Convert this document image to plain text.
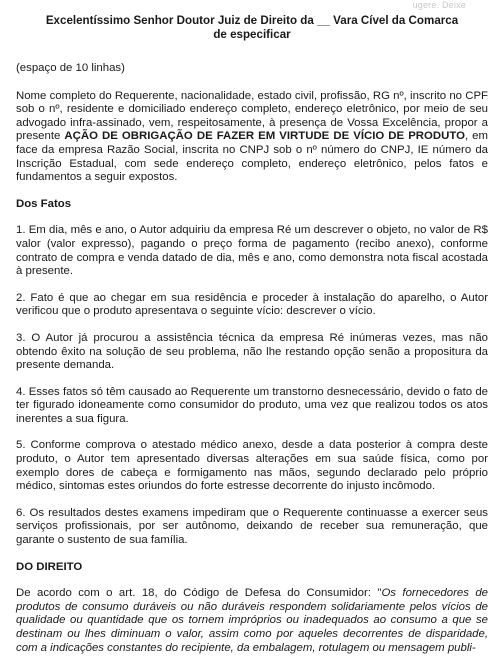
ugere. Deixe
Excelentíssimo Senhor Doutor Juiz de Direito da __ Vara Cível da Comarca
de especificar
(espaço de 10 linhas)

Nome completo do Requerente, nacionalidade, estado civil, profissão, RG nº, inscrito no CPF sob o nº, residente e domiciliado endereço completo, endereço eletrônico, por meio de seu advogado infra-assinado, vem, respeitosamente, à presença de Vossa Excelência, propor a presente AÇÃO DE OBRIGAÇÃO DE FAZER EM VIRTUDE DE VÍCIO DE PRODUTO, em face da empresa Razão Social, inscrita no CNPJ sob o nº número do CNPJ, IE número da Inscrição Estadual, com sede endereço completo, endereço eletrônico, pelos fatos e fundamentos a seguir expostos.

Dos Fatos

1. Em dia, mês e ano, o Autor adquiriu da empresa Ré um descrever o objeto, no valor de R$ valor (valor expresso), pagando o preço forma de pagamento (recibo anexo), conforme contrato de compra e venda datado de dia, mês e ano, como demonstra nota fiscal acostada à presente.

2. Fato é que ao chegar em sua residência e proceder à instalação do aparelho, o Autor verificou que o produto apresentava o seguinte vício: descrever o vício.

3. O Autor já procurou a assistência técnica da empresa Ré inúmeras vezes, mas não obtendo êxito na solução de seu problema, não lhe restando opção senão a propositura da presente demanda.

4. Esses fatos só têm causado ao Requerente um transtorno desnecessário, devido o fato de ter figurado idoneamente como consumidor do produto, uma vez que realizou todos os atos inerentes a sua figura.

5. Conforme comprova o atestado médico anexo, desde a data posterior à compra deste produto, o Autor tem apresentado diversas alterações em sua saúde física, como por exemplo dores de cabeça e formigamento nas mãos, segundo declarado pelo próprio médico, sintomas estes oriundos do forte estresse decorrente do injusto incômodo.

6. Os resultados destes examens impediram que o Requerente continuasse a exercer seus serviços profissionais, por ser autônomo, deixando de receber sua remuneração, que garante o sustento de sua família.

DO DIREITO

De acordo com o art. 18, do Código de Defesa do Consumidor: "Os fornecedores de produtos de consumo duráveis ou não duráveis respondem solidariamente pelos vícios de qualidade ou quantidade que os tornem impróprios ou inadequados ao consumo a que se destinam ou lhes diminuam o valor, assim como por aqueles decorrentes de disparidade, com a indicações constantes do recipiente, da embalagem, rotulagem ou mensagem publi-
